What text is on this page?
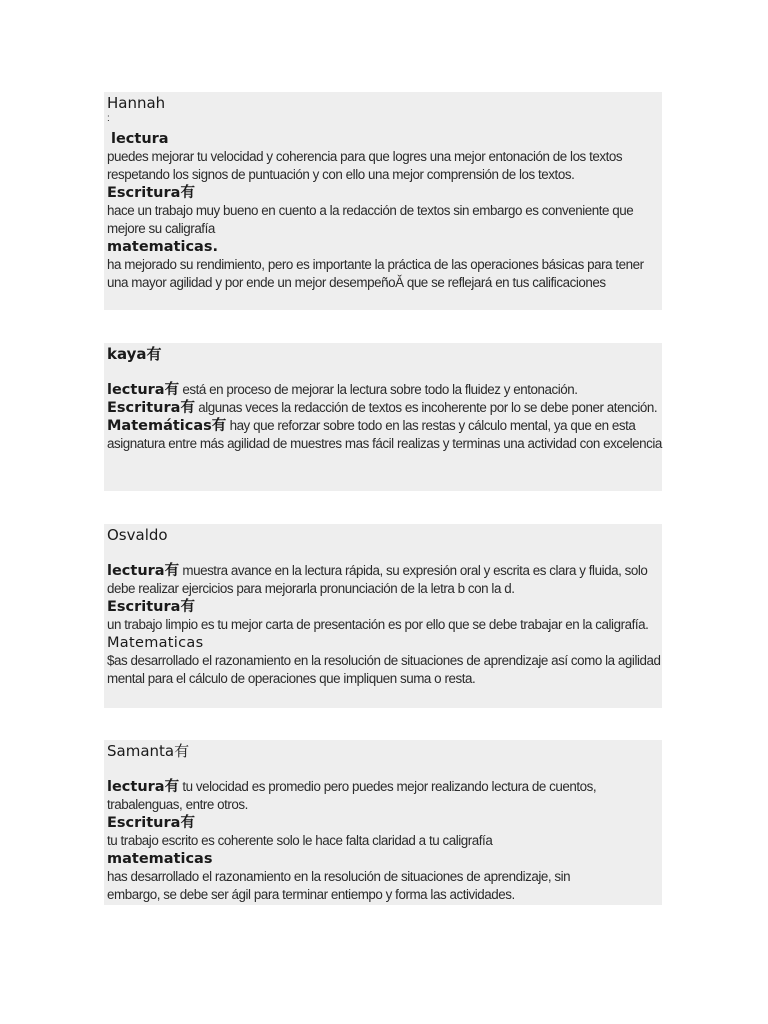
Hannah
:
lectura

puedes mejorar tu velocidad y coherencia para que logres una mejor entonación de los textos respetando los signos de puntuación y con ello una mejor comprensión de los textos.

Escritura有

hace un trabajo muy bueno en cuento a la redacción de textos sin embargo es conveniente que mejore su caligrafía

matematicas.

ha mejorado su rendimiento, pero es importante la práctica de las operaciones básicas para tener una mayor agilidad y por ende un mejor desempeñoǍ que se reflejará en tus calificaciones

kaya有

lectura有 está en proceso de mejorar la lectura sobre todo la fluidez y entonación.

Escritura有 algunas veces la redacción de textos es incoherente por lo se debe poner atención.

Matemáticas有 hay que reforzar sobre todo en las restas y cálculo mental, ya que en esta asignatura entre más agilidad de muestres mas fácil realizas y terminas una actividad con excelencia

Osvaldo

lectura有 muestra avance en la lectura rápida, su expresión oral y escrita es clara y fluida, solo debe realizar ejercicios para mejorarla pronunciación de la letra b con la d.

Escritura有

un trabajo limpio es tu mejor carta de presentación es por ello que se debe trabajar en la caligrafía.

Matematicas

$as desarrollado el razonamiento en la resolución de situaciones de aprendizaje así como la agilidad mental para el cálculo de operaciones que impliquen suma o resta.

Samanta有

lectura有 tu velocidad es promedio pero puedes mejor realizando lectura de cuentos, trabalenguas, entre otros.

Escritura有

tu trabajo escrito es coherente solo le hace falta claridad a tu caligrafía

matematicas

has desarrollado el razonamiento en la resolución de situaciones de aprendizaje, sin embargo, se debe ser ágil para terminar entiempo y forma las actividades.
